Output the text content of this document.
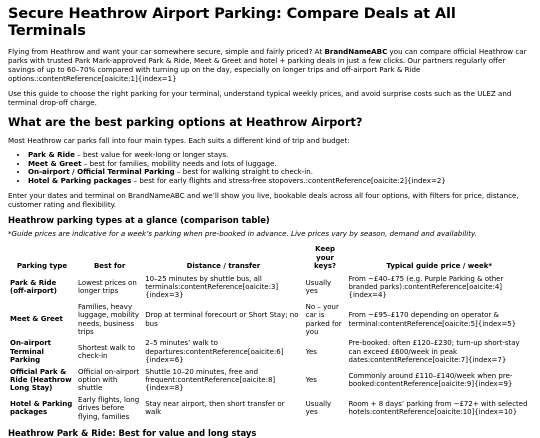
Secure Heathrow Airport Parking: Compare Deals at All Terminals

Flying from Heathrow and want your car somewhere secure, simple and fairly priced? At BrandNameABC you can compare official Heathrow car parks with trusted Park Mark-approved Park & Ride, Meet & Greet and hotel + parking deals in just a few clicks. Our partners regularly offer savings of up to 60–70% compared with turning up on the day, especially on longer trips and off-airport Park & Ride options.:contentReference[oaicite:1]{index=1}

Use this guide to choose the right parking for your terminal, understand typical weekly prices, and avoid surprise costs such as the ULEZ and terminal drop-off charge.

What are the best parking options at Heathrow Airport?

Most Heathrow car parks fall into four main types. Each suits a different kind of trip and budget:

• Park & Ride – best value for week-long or longer stays.
• Meet & Greet – best for families, mobility needs and lots of luggage.
• On-airport / Official Terminal Parking – best for walking straight to check-in.
• Hotel & Parking packages – best for early flights and stress-free stopovers.:contentReference[oaicite:2]{index=2}

Enter your dates and terminal on BrandNameABC and we’ll show you live, bookable deals across all four options, with filters for price, distance, customer rating and flexibility.

Heathrow parking types at a glance (comparison table)

*Guide prices are indicative for a week’s parking when pre-booked in advance. Live prices vary by season, demand and availability.

Parking type	Best for	Distance / transfer	Keep your keys?	Typical guide price / week*
Park & Ride (off-airport)	Lowest prices on longer trips	10–25 minutes by shuttle bus, all terminals:contentReference[oaicite:3]{index=3}	Usually yes	From ~£40–£75 (e.g. Purple Parking & other branded parks):contentReference[oaicite:4]{index=4}
Meet & Greet	Families, heavy luggage, mobility needs, business trips	Drop at terminal forecourt or Short Stay; no bus	No – your car is parked for you	From ~£95–£170 depending on operator & terminal:contentReference[oaicite:5]{index=5}
On-airport Terminal Parking	Shortest walk to check-in	2–5 minutes’ walk to departures:contentReference[oaicite:6]{index=6}	Yes	Pre-booked: often £120–£230; turn-up short-stay can exceed £600/week in peak dates:contentReference[oaicite:7]{index=7}
Official Park & Ride (Heathrow Long Stay)	Official on-airport option with shuttle	Shuttle 10–20 minutes, free and frequent:contentReference[oaicite:8]{index=8}	Yes	Commonly around £110–£140/week when pre-booked:contentReference[oaicite:9]{index=9}
Hotel & Parking packages	Early flights, long drives before flying, families	Stay near airport, then short transfer or walk	Usually yes	Room + 8 days’ parking from ~£72+ with selected hotels:contentReference[oaicite:10]{index=10}
Heathrow Park & Ride: Best for value and long stays
